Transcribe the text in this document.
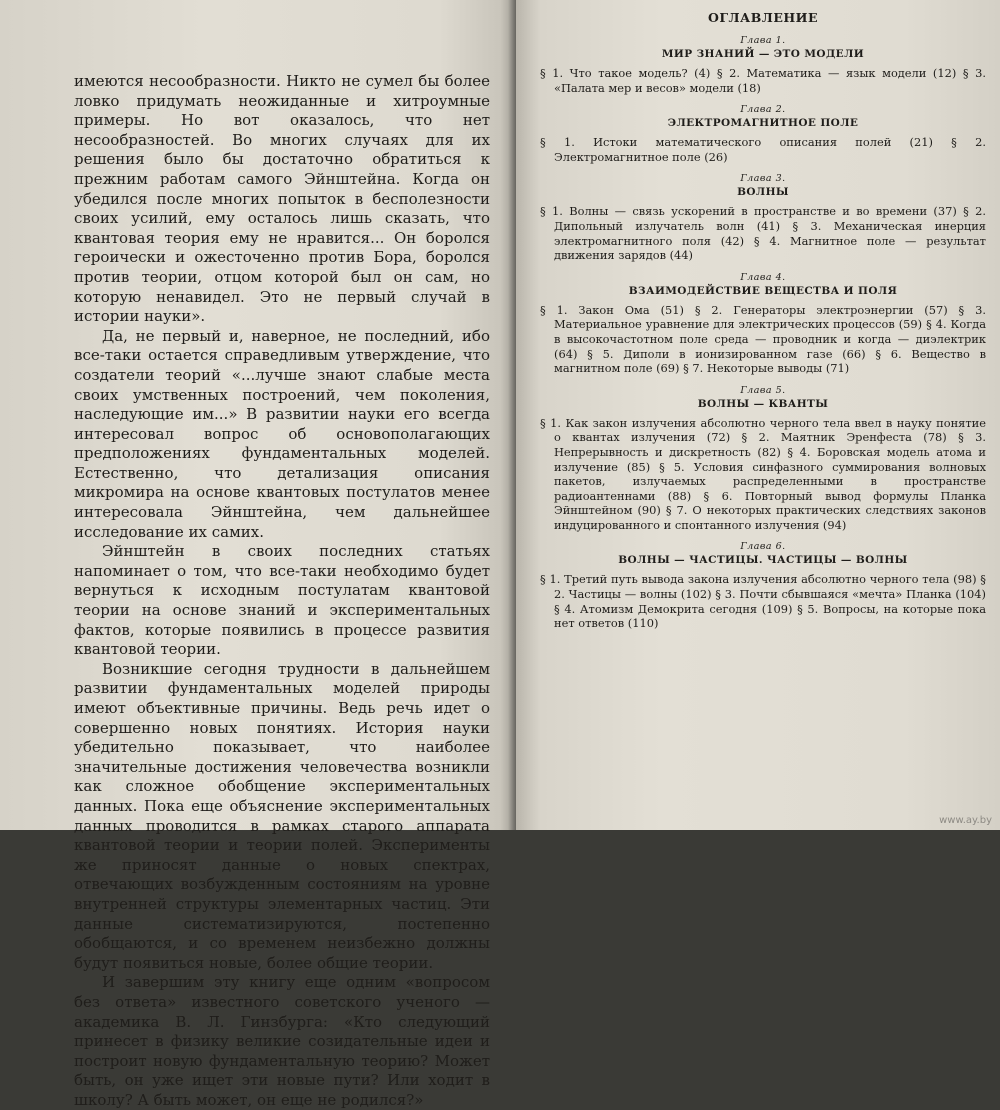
имеются несообразности. Никто не сумел бы более ловко придумать неожиданные и хитроумные примеры. Но вот оказалось, что нет несообразностей. Во многих случаях для их решения было бы достаточно обратиться к прежним работам самого Эйнштейна. Когда он убедился после многих попыток в бесполезности своих усилий, ему осталось лишь сказать, что квантовая теория ему не нравится... Он боролся героически и ожесточенно против Бора, боролся против теории, отцом которой был он сам, но которую ненавидел. Это не первый случай в истории науки».

Да, не первый и, наверное, не последний, ибо все-таки остается справедливым утверждение, что создатели теорий «...лучше знают слабые места своих умственных построений, чем поколения, наследующие им...» В развитии науки его всегда интересовал вопрос об основополагающих предположениях фундаментальных моделей. Естественно, что детализация описания микромира на основе квантовых постулатов менее интересовала Эйнштейна, чем дальнейшее исследование их самих.

Эйнштейн в своих последних статьях напоминает о том, что все-таки необходимо будет вернуться к исходным постулатам квантовой теории на основе знаний и экспериментальных фактов, которые появились в процессе развития квантовой теории.

Возникшие сегодня трудности в дальнейшем развитии фундаментальных моделей природы имеют объективные причины. Ведь речь идет о совершенно новых понятиях. История науки убедительно показывает, что наиболее значительные достижения человечества возникли как сложное обобщение экспериментальных данных. Пока еще объяснение экспериментальных данных проводится в рамках старого аппарата квантовой теории и теории полей. Эксперименты же приносят данные о новых спектрах, отвечающих возбужденным состояниям на уровне внутренней структуры элементарных частиц. Эти данные систематизируются, постепенно обобщаются, и со временем неизбежно должны будут появиться новые, более общие теории.

И завершим эту книгу еще одним «вопросом без ответа» известного советского ученого — академика В. Л. Гинзбурга: «Кто следующий принесет в физику великие созидательные идеи и построит новую фундаментальную теорию? Может быть, он уже ищет эти новые пути? Или ходит в школу? А быть может, он еще не родился?»

ОГЛАВЛЕНИЕ
Глава 1.
МИР ЗНАНИЙ — ЭТО МОДЕЛИ

§ 1. Что такое модель? (4) § 2. Математика — язык модели (12) § 3. «Палата мер и весов» модели (18)

Глава 2.
ЭЛЕКТРОМАГНИТНОЕ ПОЛЕ

§ 1. Истоки математического описания полей (21) § 2. Электромагнитное поле (26)

Глава 3.
ВОЛНЫ

§ 1. Волны — связь ускорений в пространстве и во времени (37) § 2. Дипольный излучатель волн (41) § 3. Механическая инерция электромагнитного поля (42) § 4. Магнитное поле — результат движения зарядов (44)

Глава 4.
ВЗАИМОДЕЙСТВИЕ ВЕЩЕСТВА И ПОЛЯ

§ 1. Закон Ома (51) § 2. Генераторы электроэнергии (57) § 3. Материальное уравнение для электрических процессов (59) § 4. Когда в высокочастотном поле среда — проводник и когда — диэлектрик (64) § 5. Диполи в ионизированном газе (66) § 6. Вещество в магнитном поле (69) § 7. Некоторые выводы (71)

Глава 5.
ВОЛНЫ — КВАНТЫ

§ 1. Как закон излучения абсолютно черного тела ввел в науку понятие о квантах излучения (72) § 2. Маятник Эренфеста (78) § 3. Непрерывность и дискретность (82) § 4. Боровская модель атома и излучение (85) § 5. Условия синфазного суммирования волновых пакетов, излучаемых распределенными в пространстве радиоантеннами (88) § 6. Повторный вывод формулы Планка Эйнштейном (90) § 7. О некоторых практических следствиях законов индуцированного и спонтанного излучения (94)

Глава 6.
ВОЛНЫ — ЧАСТИЦЫ. ЧАСТИЦЫ — ВОЛНЫ

§ 1. Третий путь вывода закона излучения абсолютно черного тела (98) § 2. Частицы — волны (102) § 3. Почти сбывшаяся «мечта» Планка (104) § 4. Атомизм Демокрита сегодня (109) § 5. Вопросы, на которые пока нет ответов (110)

www.ay.by
